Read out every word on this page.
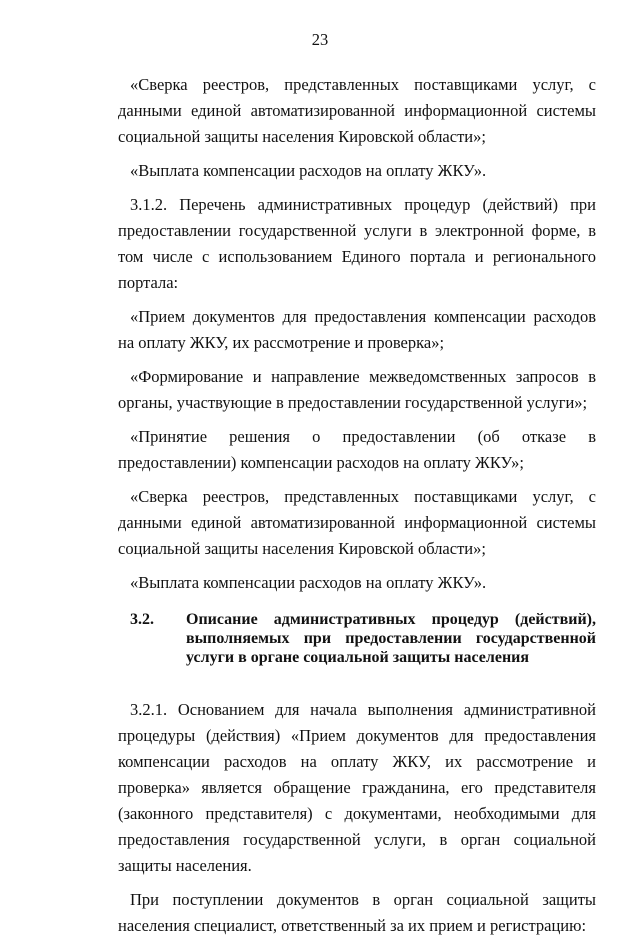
23

«Сверка реестров, представленных поставщиками услуг, с данными единой автоматизированной информационной системы социальной защиты населения Кировской области»;

«Выплата компенсации расходов на оплату ЖКУ».

3.1.2. Перечень административных процедур (действий) при предоставлении государственной услуги в электронной форме, в том числе с использованием Единого портала и регионального портала:

«Прием документов для предоставления компенсации расходов на оплату ЖКУ, их рассмотрение и проверка»;

«Формирование и направление межведомственных запросов в органы, участвующие в предоставлении государственной услуги»;

«Принятие решения о предоставлении (об отказе в предоставлении) компенсации расходов на оплату ЖКУ»;

«Сверка реестров, представленных поставщиками услуг, с данными единой автоматизированной информационной системы социальной защиты населения Кировской области»;

«Выплата компенсации расходов на оплату ЖКУ».

3.2.	Описание административных процедур (действий), выполняемых при предоставлении государственной услуги в органе социальной защиты населения

3.2.1. Основанием для начала выполнения административной процедуры (действия) «Прием документов для предоставления компенсации расходов на оплату ЖКУ, их рассмотрение и проверка» является обращение гражданина, его представителя (законного представителя) с документами, необходимыми для предоставления государственной услуги, в орган социальной защиты населения.

При поступлении документов в орган социальной защиты населения специалист, ответственный за их прием и регистрацию:
